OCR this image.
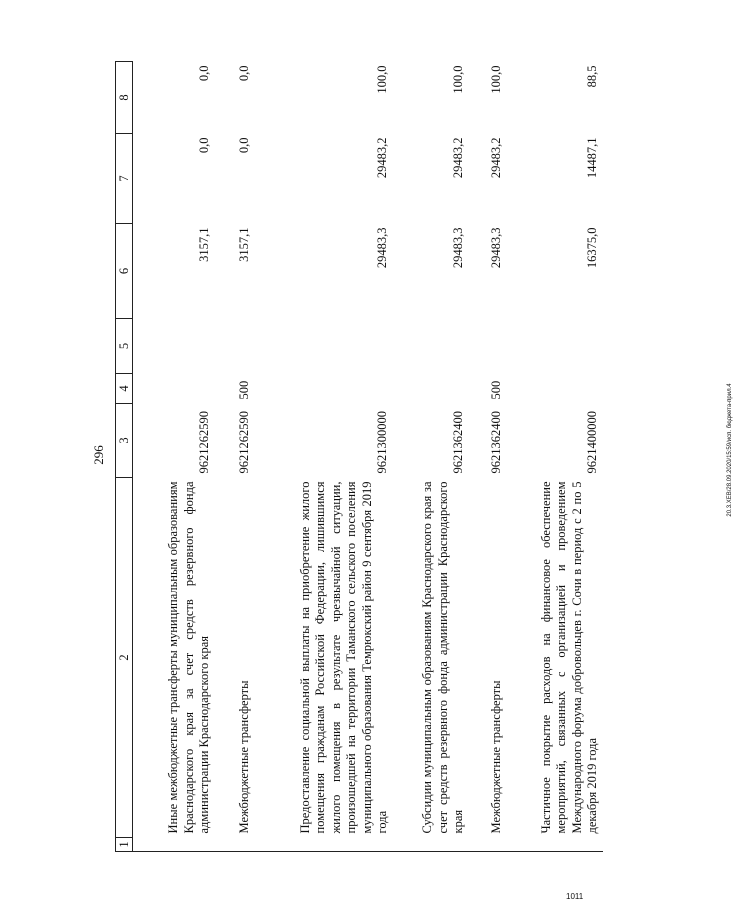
296
1	2	3	4	5	6	7	8
	Иные межбюджетные трансферты муниципальным образованиям Краснодарского края за счет средств резервного фонда администрации Краснодарского края	9621262590			3157,1	0,0	0,0
	Межбюджетные трансферты	9621262590	500		3157,1	0,0	0,0
	Предоставление социальной выплаты на приобретение жилого помещения гражданам Российской Федерации, лишившимся жилого помещения в результате чрезвычайной ситуации, произошедшей на территории Таманского сельского поселения муниципального образования Темрюкский район 9 сентября 2019 года	9621300000			29483,3	29483,2	100,0
	Субсидии муниципальным образованиям Краснодарского края за счет средств резервного фонда администрации Краснодарского края	9621362400			29483,3	29483,2	100,0
	Межбюджетные трансферты	9621362400	500		29483,3	29483,2	100,0
	Частичное покрытие расходов на финансовое обеспечение мероприятий, связанных с организацией и проведением Международного форума добровольцев г. Сочи в период с 2 по 5 декабря 2019 года	9621400000			16375,0	14487,1	88,5
20.3.XEB/28.09.2020/15:59/исп. бюджета-прил.4
1011
